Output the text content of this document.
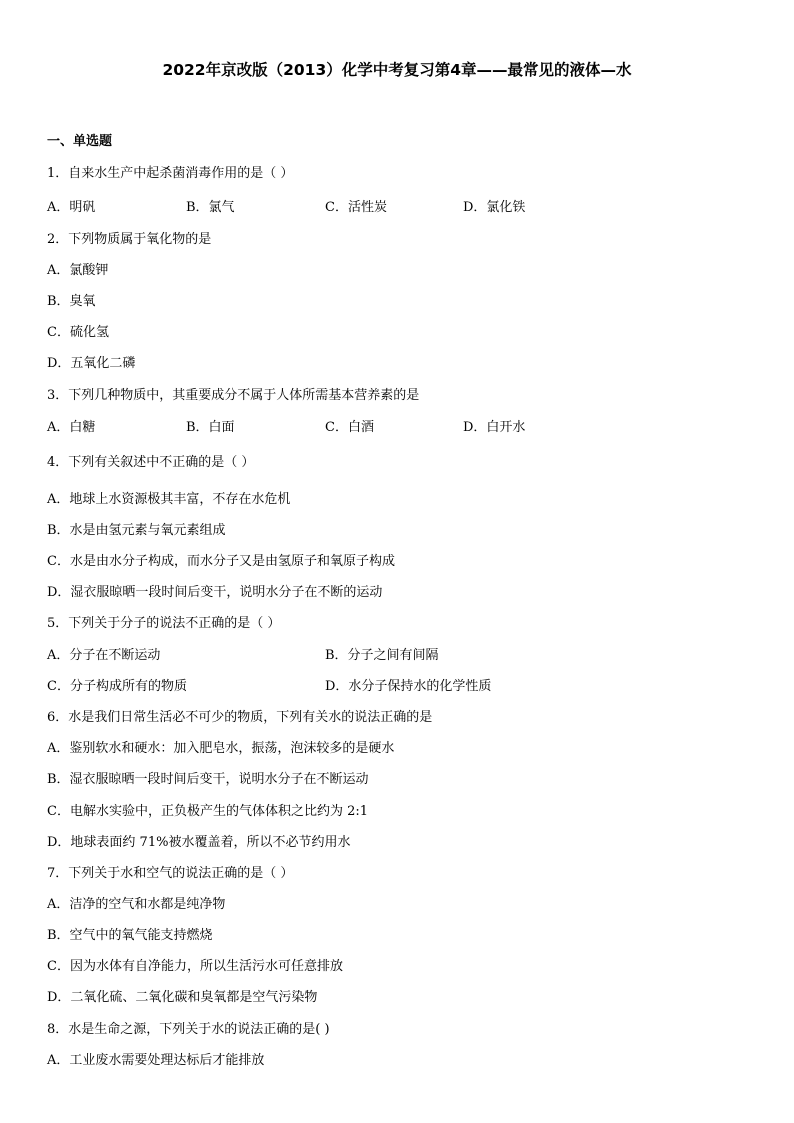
2022年京改版（2013）化学中考复习第4章——最常见的液体—水
一、单选题
1．自来水生产中起杀菌消毒作用的是（ ）
A．明矾	B．氯气	C．活性炭	D．氯化铁
2．下列物质属于氧化物的是
A．氯酸钾
B．臭氧
C．硫化氢
D．五氧化二磷
3．下列几种物质中，其重要成分不属于人体所需基本营养素的是
A．白糖	B．白面	C．白酒	D．白开水
4．下列有关叙述中不正确的是（ ）
A．地球上水资源极其丰富，不存在水危机
B．水是由氢元素与氧元素组成
C．水是由水分子构成，而水分子又是由氢原子和氧原子构成
D．湿衣服晾晒一段时间后变干，说明水分子在不断的运动
5．下列关于分子的说法不正确的是（ ）
A．分子在不断运动	B．分子之间有间隔
C．分子构成所有的物质	D．水分子保持水的化学性质
6．水是我们日常生活必不可少的物质，下列有关水的说法正确的是
A．鉴别软水和硬水：加入肥皂水，振荡，泡沫较多的是硬水
B．湿衣服晾晒一段时间后变干，说明水分子在不断运动
C．电解水实验中，正负极产生的气体体积之比约为 2:1
D．地球表面约 71%被水覆盖着，所以不必节约用水
7．下列关于水和空气的说法正确的是（ ）
A．洁净的空气和水都是纯净物
B．空气中的氧气能支持燃烧
C．因为水体有自净能力，所以生活污水可任意排放
D．二氧化硫、二氧化碳和臭氧都是空气污染物
8．水是生命之源，下列关于水的说法正确的是( )
A．工业废水需要处理达标后才能排放
